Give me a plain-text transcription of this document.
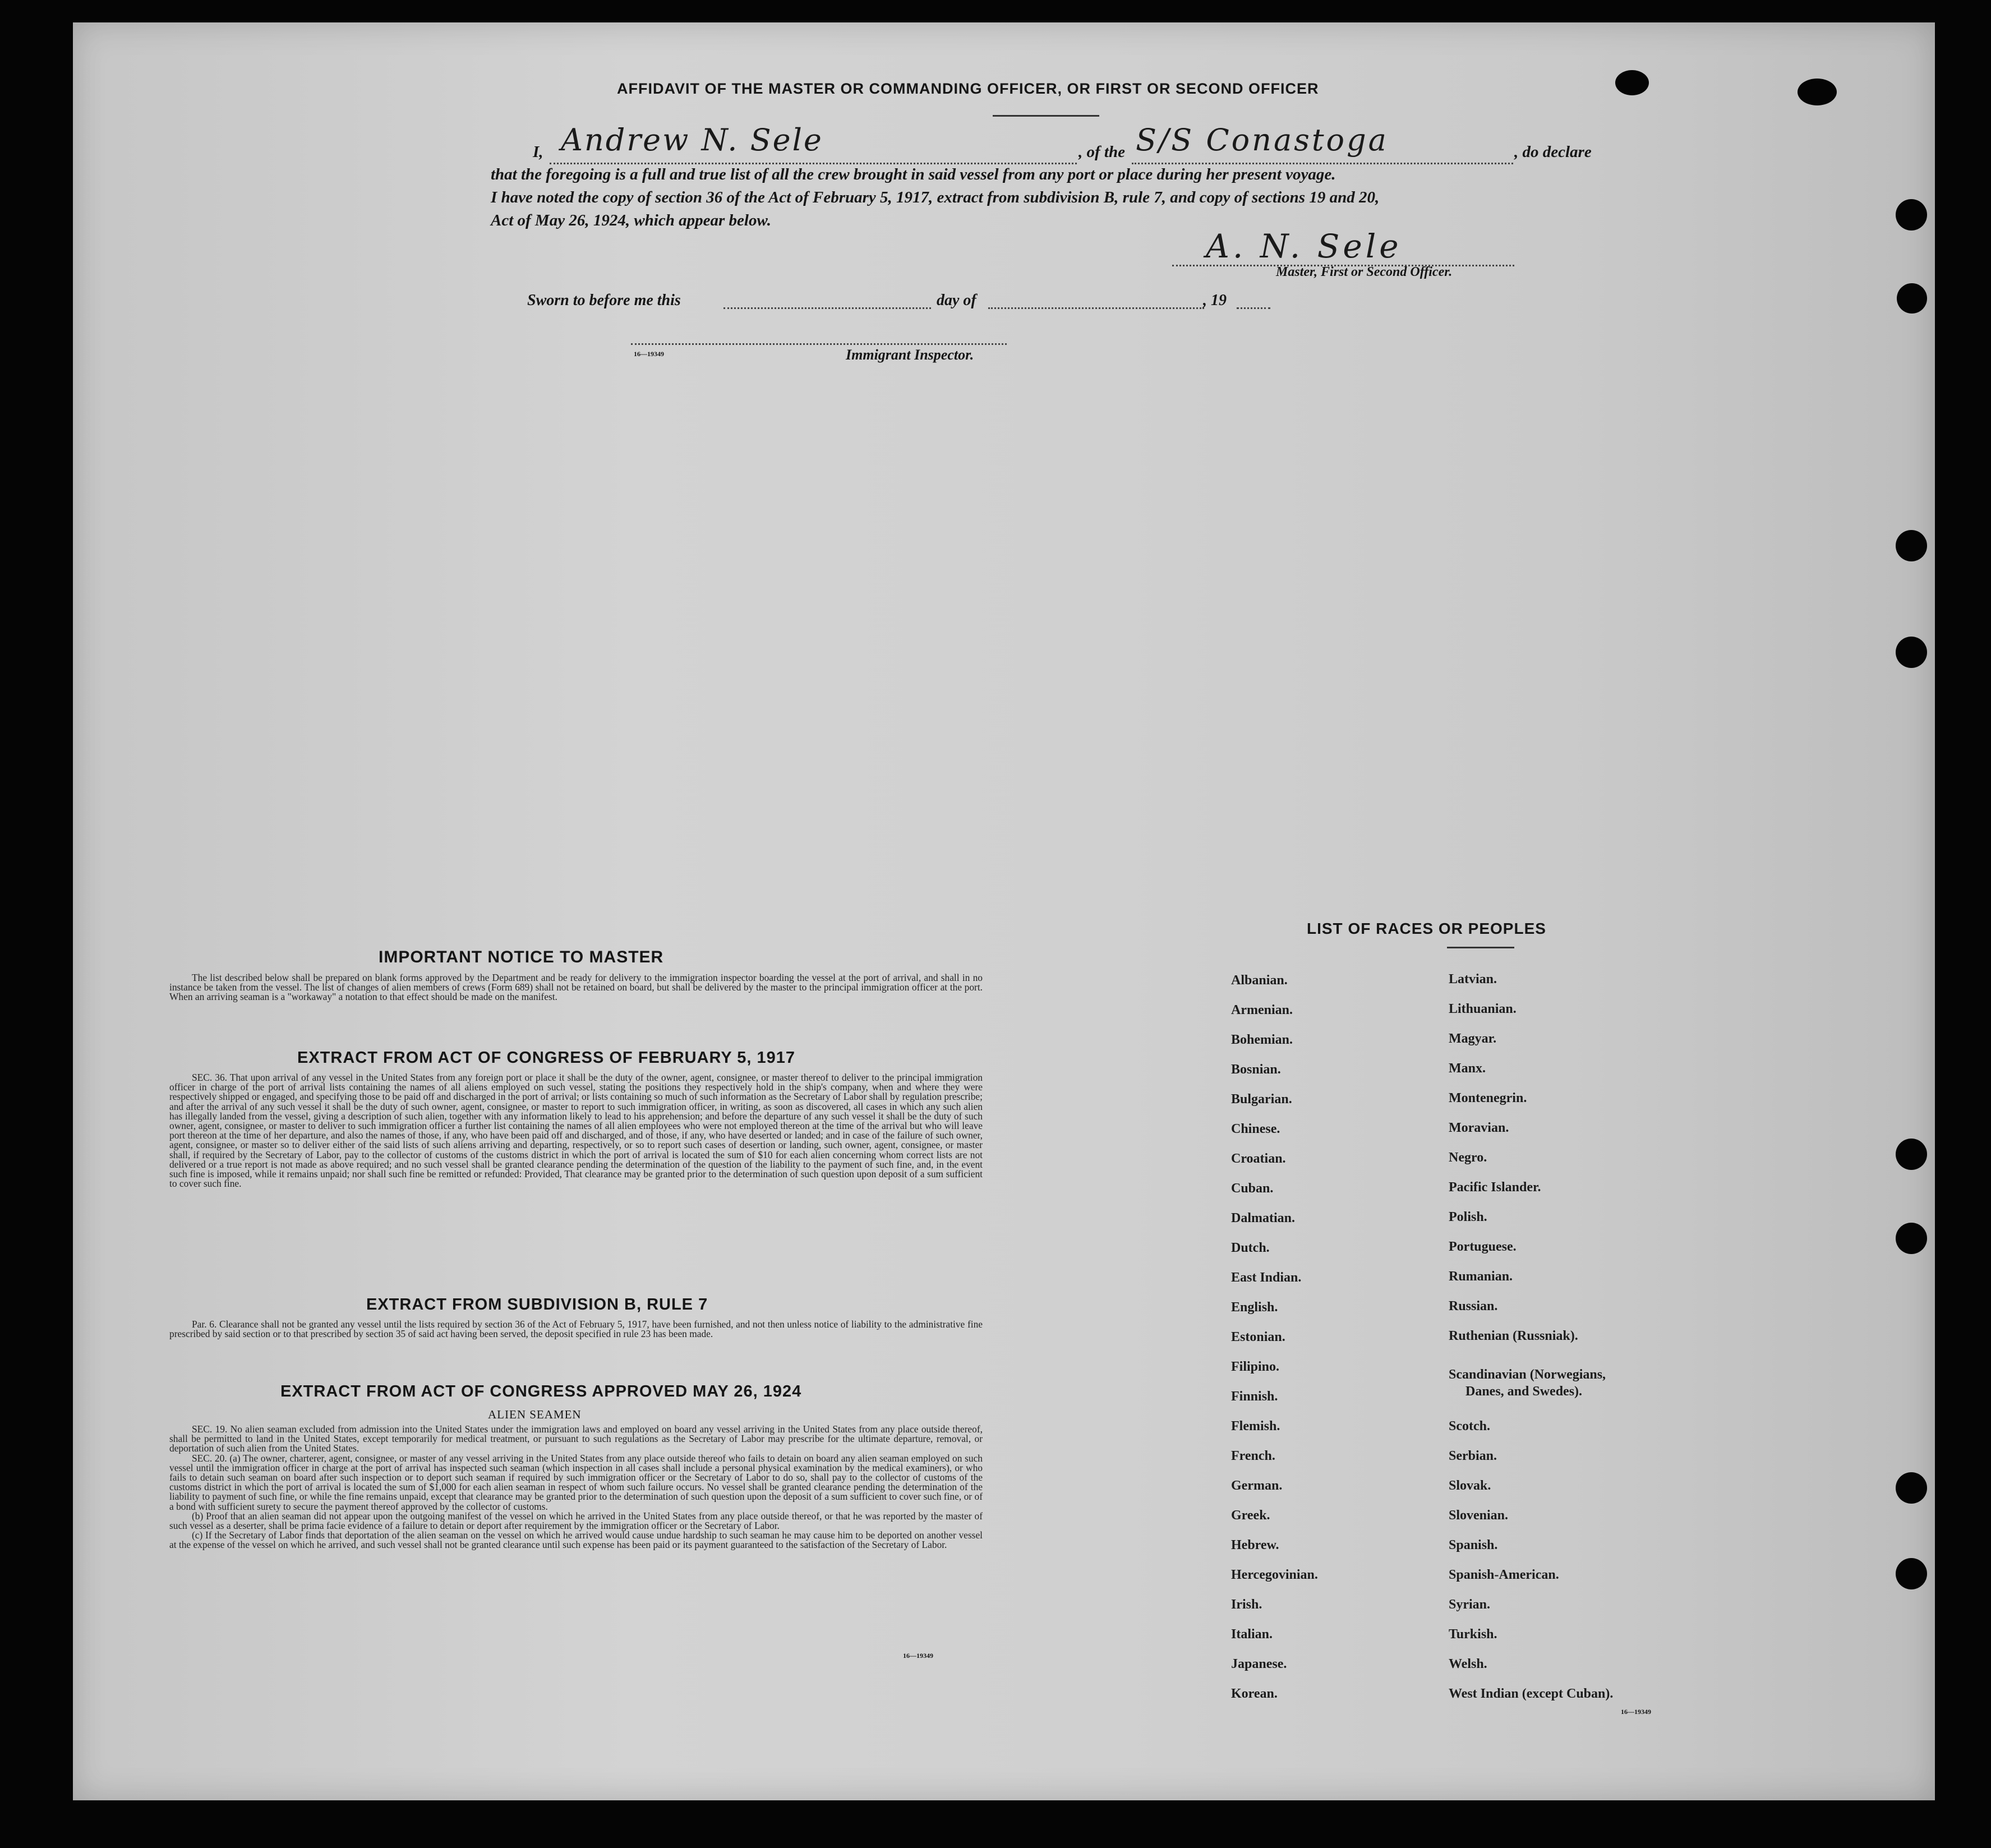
AFFIDAVIT OF THE MASTER OR COMMANDING OFFICER, OR FIRST OR SECOND OFFICER
I, Andrew N. Sele	, of the S/S Conastoga	, do declare
that the foregoing is a full and true list of all the crew brought in said vessel from any port or place during her present voyage.
I have noted the copy of section 36 of the Act of February 5, 1917, extract from subdivision B, rule 7, and copy of sections 19 and 20,
Act of May 26, 1924, which appear below.
A. N. Sele
Master, First or Second Officer.
Sworn to before me this	day of	, 19
16—19349	Immigrant Inspector.
IMPORTANT NOTICE TO MASTER
The list described below shall be prepared on blank forms approved by the Department and be ready for delivery to the immigration inspector boarding the vessel at the port of arrival, and shall in no instance be taken from the vessel. The list of changes of alien members of crews (Form 689) shall not be retained on board, but shall be delivered by the master to the principal immigration officer at the port. When an arriving seaman is a "workaway" a notation to that effect should be made on the manifest.
EXTRACT FROM ACT OF CONGRESS OF FEBRUARY 5, 1917
SEC. 36. That upon arrival of any vessel in the United States from any foreign port or place it shall be the duty of the owner, agent, consignee, or master thereof to deliver to the principal immigration officer in charge of the port of arrival lists containing the names of all aliens employed on such vessel, stating the positions they respectively hold in the ship's company, when and where they were respectively shipped or engaged, and specifying those to be paid off and discharged in the port of arrival; or lists containing so much of such information as the Secretary of Labor shall by regulation prescribe; and after the arrival of any such vessel it shall be the duty of such owner, agent, consignee, or master to report to such immigration officer, in writing, as soon as discovered, all cases in which any such alien has illegally landed from the vessel, giving a description of such alien, together with any information likely to lead to his apprehension; and before the departure of any such vessel it shall be the duty of such owner, agent, consignee, or master to deliver to such immigration officer a further list containing the names of all alien employees who were not employed thereon at the time of the arrival but who will leave port thereon at the time of her departure, and also the names of those, if any, who have been paid off and discharged, and of those, if any, who have deserted or landed; and in case of the failure of such owner, agent, consignee, or master so to deliver either of the said lists of such aliens arriving and departing, respectively, or so to report such cases of desertion or landing, such owner, agent, consignee, or master shall, if required by the Secretary of Labor, pay to the collector of customs of the customs district in which the port of arrival is located the sum of $10 for each alien concerning whom correct lists are not delivered or a true report is not made as above required; and no such vessel shall be granted clearance pending the determination of the question of the liability to the payment of such fine, and, in the event such fine is imposed, while it remains unpaid; nor shall such fine be remitted or refunded: Provided, That clearance may be granted prior to the determination of such question upon deposit of a sum sufficient to cover such fine.
EXTRACT FROM SUBDIVISION B, RULE 7
Par. 6. Clearance shall not be granted any vessel until the lists required by section 36 of the Act of February 5, 1917, have been furnished, and not then unless notice of liability to the administrative fine prescribed by said section or to that prescribed by section 35 of said act having been served, the deposit specified in rule 23 has been made.
EXTRACT FROM ACT OF CONGRESS APPROVED MAY 26, 1924
ALIEN SEAMEN
SEC. 19. No alien seaman excluded from admission into the United States under the immigration laws and employed on board any vessel arriving in the United States from any place outside thereof, shall be permitted to land in the United States, except temporarily for medical treatment, or pursuant to such regulations as the Secretary of Labor may prescribe for the ultimate departure, removal, or deportation of such alien from the United States.
SEC. 20. (a) The owner, charterer, agent, consignee, or master of any vessel arriving in the United States from any place outside thereof who fails to detain on board any alien seaman employed on such vessel until the immigration officer in charge at the port of arrival has inspected such seaman (which inspection in all cases shall include a personal physical examination by the medical examiners), or who fails to detain such seaman on board after such inspection or to deport such seaman if required by such immigration officer or the Secretary of Labor to do so, shall pay to the collector of customs of the customs district in which the port of arrival is located the sum of $1,000 for each alien seaman in respect of whom such failure occurs. No vessel shall be granted clearance pending the determination of the liability to payment of such fine, or while the fine remains unpaid, except that clearance may be granted prior to the determination of such question upon the deposit of a sum sufficient to cover such fine, or of a bond with sufficient surety to secure the payment thereof approved by the collector of customs.
(b) Proof that an alien seaman did not appear upon the outgoing manifest of the vessel on which he arrived in the United States from any place outside thereof, or that he was reported by the master of such vessel as a deserter, shall be prima facie evidence of a failure to detain or deport after requirement by the immigration officer or the Secretary of Labor.
(c) If the Secretary of Labor finds that deportation of the alien seaman on the vessel on which he arrived would cause undue hardship to such seaman he may cause him to be deported on another vessel at the expense of the vessel on which he arrived, and such vessel shall not be granted clearance until such expense has been paid or its payment guaranteed to the satisfaction of the Secretary of Labor.
16—19349
LIST OF RACES OR PEOPLES
Albanian.
Armenian.
Bohemian.
Bosnian.
Bulgarian.
Chinese.
Croatian.
Cuban.
Dalmatian.
Dutch.
East Indian.
English.
Estonian.
Filipino.
Finnish.
Flemish.
French.
German.
Greek.
Hebrew.
Hercegovinian.
Irish.
Italian.
Japanese.
Korean.
Latvian.
Lithuanian.
Magyar.
Manx.
Montenegrin.
Moravian.
Negro.
Pacific Islander.
Polish.
Portuguese.
Rumanian.
Russian.
Ruthenian (Russniak).
Scandinavian (Norwegians,
Danes, and Swedes).
Scotch.
Serbian.
Slovak.
Slovenian.
Spanish.
Spanish-American.
Syrian.
Turkish.
Welsh.
West Indian (except Cuban).
16—19349
